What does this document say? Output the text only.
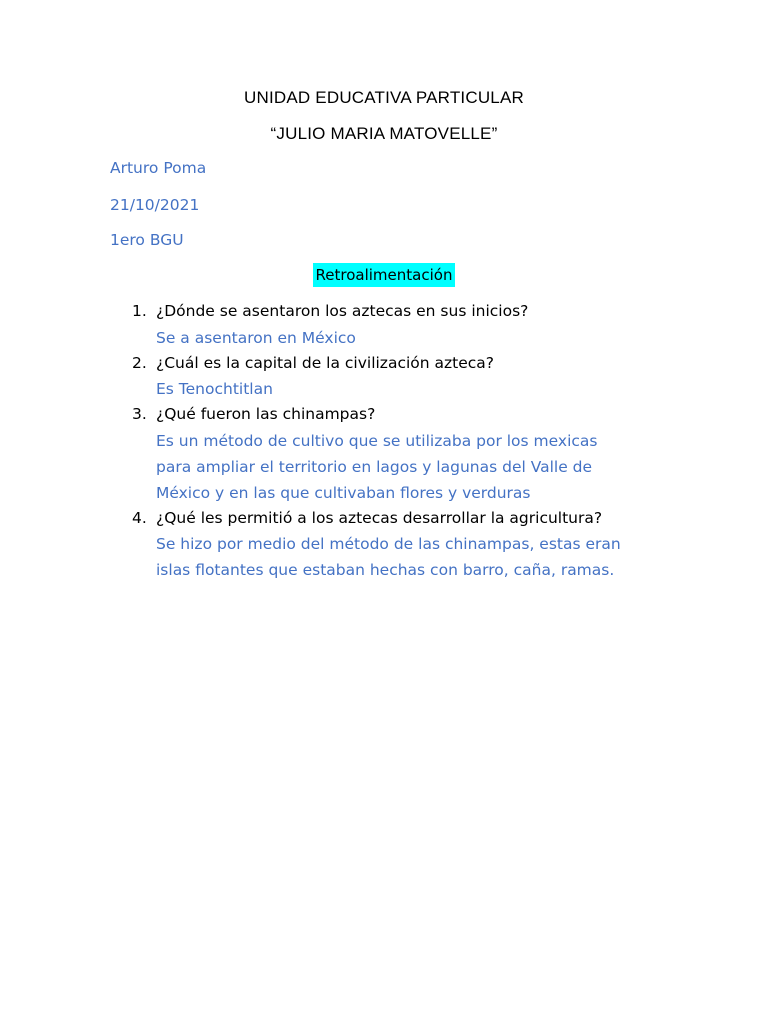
UNIDAD EDUCATIVA PARTICULAR
“JULIO MARIA MATOVELLE”
Arturo Poma
21/10/2021
1ero BGU
Retroalimentación
1. ¿Dónde se asentaron los aztecas en sus inicios?
Se a asentaron en México
2. ¿Cuál es la capital de la civilización azteca?
Es Tenochtitlan
3. ¿Qué fueron las chinampas?
Es un método de cultivo que se utilizaba por los mexicas
para ampliar el territorio en lagos y lagunas del Valle de
México y en las que cultivaban flores y verduras
4. ¿Qué les permitió a los aztecas desarrollar la agricultura?
Se hizo por medio del método de las chinampas, estas eran
islas flotantes que estaban hechas con barro, caña, ramas.
